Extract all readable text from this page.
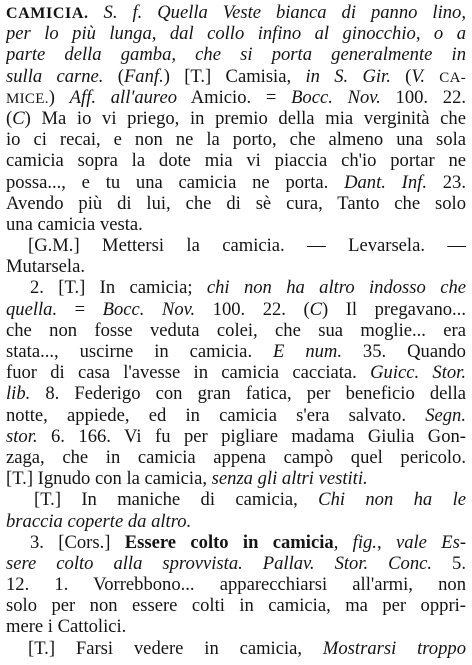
CAMICIA. S. f. Quella Veste bianca di panno lino,
per lo più lunga, dal collo infino al ginocchio, o a
parte della gamba, che si porta generalmente in
sulla carne. (Fanf.) [T.] Camisia, in S. Gir. (V. CA-
MICE.) Aff. all'aureo Amicio. = Bocc. Nov. 100. 22.
(C) Ma io vi priego, in premio della mia verginità che
io ci recai, e non ne la porto, che almeno una sola
camicia sopra la dote mia vi piaccia ch'io portar ne
possa..., e tu una camicia ne porta. Dant. Inf. 23.
Avendo più di lui, che di sè cura, Tanto che solo
una camicia vesta.
[G.M.] Mettersi la camicia. — Levarsela. —
Mutarsela.
2. [T.] In camicia; chi non ha altro indosso che
quella. = Bocc. Nov. 100. 22. (C) Il pregavano...
che non fosse veduta colei, che sua moglie... era
stata..., uscirne in camicia. E num. 35. Quando
fuor di casa l'avesse in camicia cacciata. Guicc. Stor.
lib. 8. Federigo con gran fatica, per beneficio della
notte, appiede, ed in camicia s'era salvato. Segn.
stor. 6. 166. Vi fu per pigliare madama Giulia Gon-
zaga, che in camicia appena campò quel pericolo.
[T.] Ignudo con la camicia, senza gli altri vestiti.
[T.] In maniche di camicia, Chi non ha le
braccia coperte da altro.
3. [Cors.] Essere colto in camicia, fig., vale Es-
sere colto alla sprovvista. Pallav. Stor. Conc. 5.
12. 1. Vorrebbono... apparecchiarsi all'armi, non
solo per non essere colti in camicia, ma per oppri-
mere i Cattolici.
[T.] Farsi vedere in camicia, Mostrarsi troppo
